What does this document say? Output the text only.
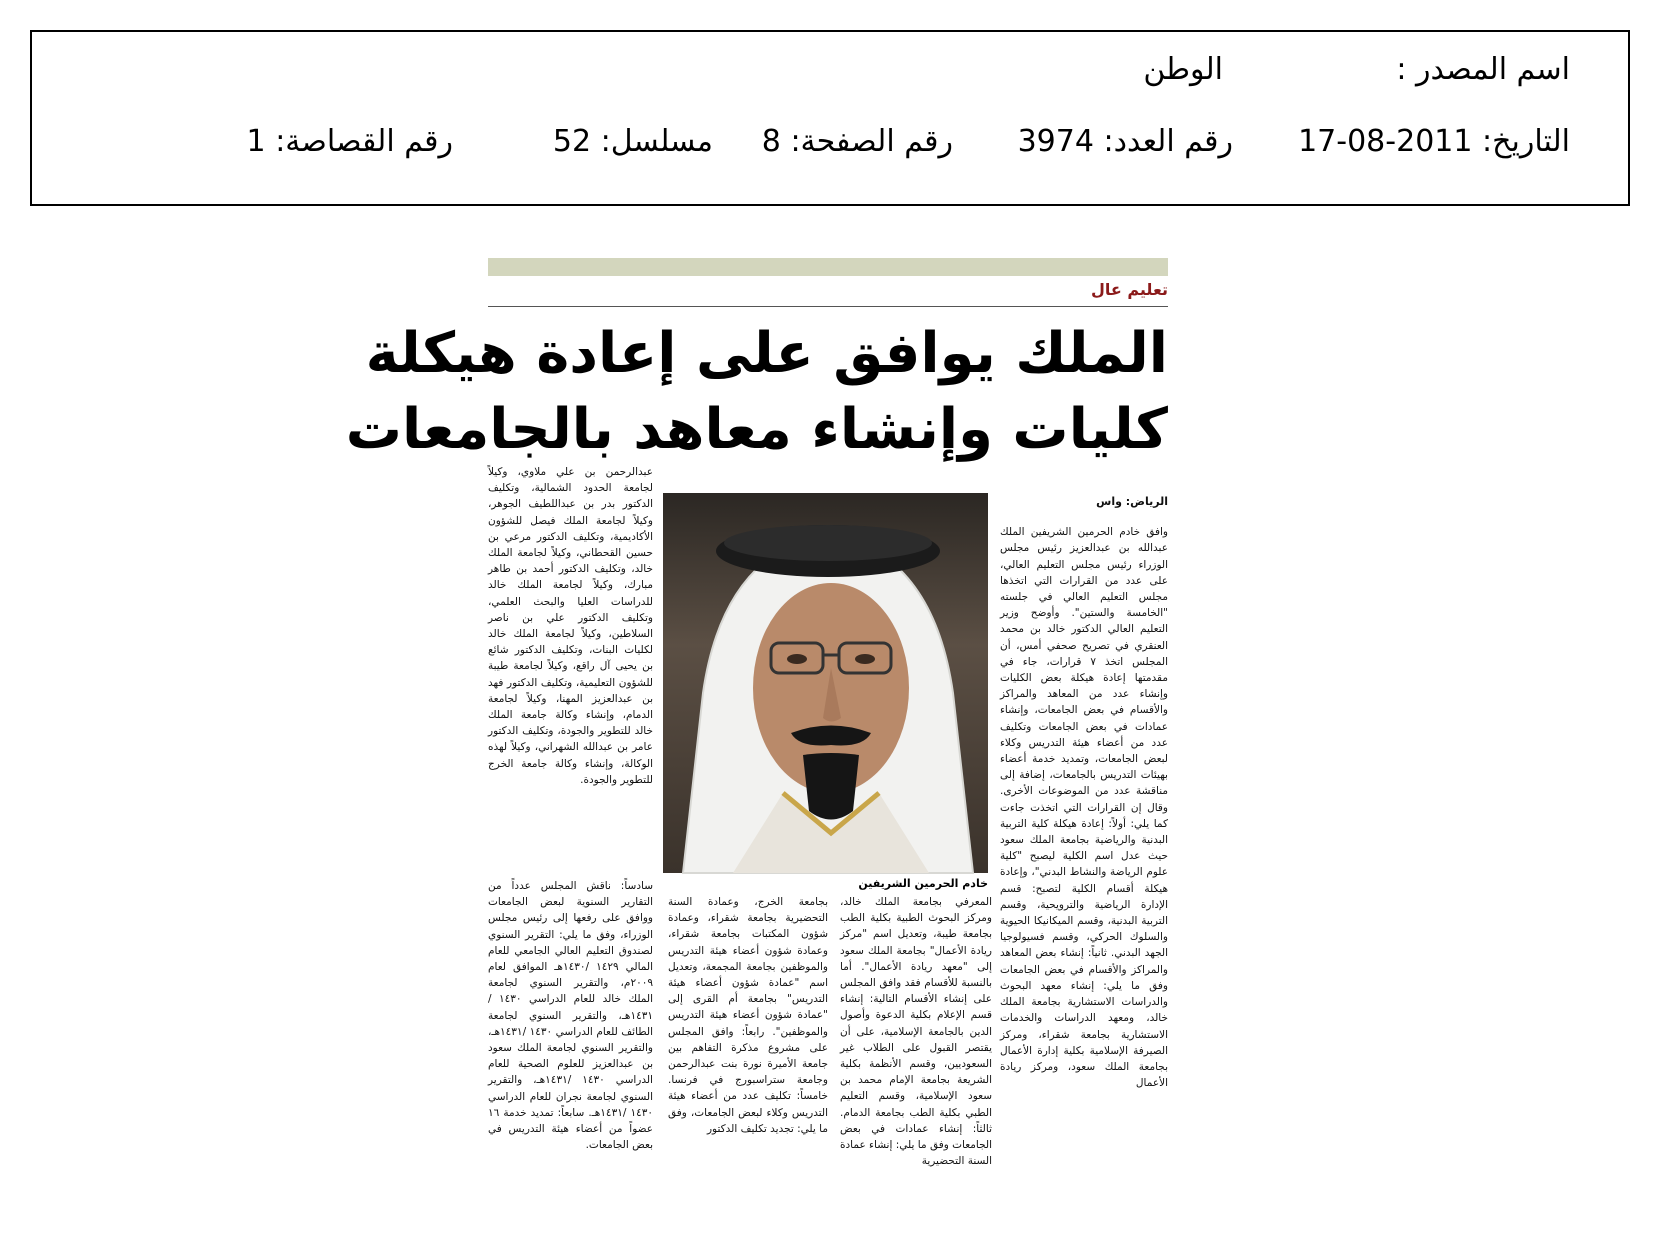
اسم المصدر :
الوطن
التاريخ: 2011-08-17
رقم العدد: 3974
رقم الصفحة: 8
مسلسل: 52
رقم القصاصة: 1
تعليم عال
الملك يوافق على إعادة هيكلة
كليات وإنشاء معاهد بالجامعات

الرياض: واس

وافق خادم الحرمين الشريفين الملك عبدالله بن عبدالعزيز رئيس مجلس الوزراء رئيس مجلس التعليم العالي، على عدد من القرارات التي اتخذها مجلس التعليم العالي في جلسته "الخامسة والستين". وأوضح وزير التعليم العالي الدكتور خالد بن محمد العنقري في تصريح صحفي أمس، أن المجلس اتخذ ٧ قرارات، جاء في مقدمتها إعادة هيكلة بعض الكليات وإنشاء عدد من المعاهد والمراكز والأقسام في بعض الجامعات، وإنشاء عمادات في بعض الجامعات وتكليف عدد من أعضاء هيئة التدريس وكلاء لبعض الجامعات، وتمديد خدمة أعضاء بهيئات التدريس بالجامعات، إضافة إلى مناقشة عدد من الموضوعات الأخرى. وقال إن القرارات التي اتخذت جاءت كما يلي: أولاً: إعادة هيكلة كلية التربية البدنية والرياضية بجامعة الملك سعود حيث عدل اسم الكلية ليصبح "كلية علوم الرياضة والنشاط البدني"، وإعادة هيكلة أقسام الكلية لتصبح: قسم الإدارة الرياضية والترويحية، وقسم التربية البدنية، وقسم الميكانيكا الحيوية والسلوك الحركي، وقسم فسيولوجيا الجهد البدني. ثانياً: إنشاء بعض المعاهد والمراكز والأقسام في بعض الجامعات وفق ما يلي: إنشاء معهد البحوث والدراسات الاستشارية بجامعة الملك خالد، ومعهد الدراسات والخدمات الاستشارية بجامعة شقراء، ومركز الصيرفة الإسلامية بكلية إدارة الأعمال بجامعة الملك سعود، ومركز ريادة الأعمال

خادم الحرمين الشريفين

عبدالرحمن بن علي ملاوي، وكيلاً لجامعة الحدود الشمالية، وتكليف الدكتور بدر بن عبداللطيف الجوهر، وكيلاً لجامعة الملك فيصل للشؤون الأكاديمية، وتكليف الدكتور مرعي بن حسين القحطاني، وكيلاً لجامعة الملك خالد، وتكليف الدكتور أحمد بن طاهر مبارك، وكيلاً لجامعة الملك خالد للدراسات العليا والبحث العلمي، وتكليف الدكتور علي بن ناصر السلاطين، وكيلاً لجامعة الملك خالد لكليات البنات، وتكليف الدكتور شائع بن يحيى آل راقع، وكيلاً لجامعة طيبة للشؤون التعليمية، وتكليف الدكتور فهد بن عبدالعزيز المهنا، وكيلاً لجامعة الدمام، وإنشاء وكالة جامعة الملك خالد للتطوير والجودة، وتكليف الدكتور عامر بن عبدالله الشهراني، وكيلاً لهذه الوكالة، وإنشاء وكالة جامعة الخرج للتطوير والجودة.

المعرفي بجامعة الملك خالد، ومركز البحوث الطبية بكلية الطب بجامعة طيبة، وتعديل اسم "مركز ريادة الأعمال" بجامعة الملك سعود إلى "معهد ريادة الأعمال". أما بالنسبة للأقسام فقد وافق المجلس على إنشاء الأقسام التالية: إنشاء قسم الإعلام بكلية الدعوة وأصول الدين بالجامعة الإسلامية، على أن يقتصر القبول على الطلاب غير السعوديين، وقسم الأنظمة بكلية الشريعة بجامعة الإمام محمد بن سعود الإسلامية، وقسم التعليم الطبي بكلية الطب بجامعة الدمام. ثالثاً: إنشاء عمادات في بعض الجامعات وفق ما يلي: إنشاء عمادة السنة التحضيرية

بجامعة الخرج، وعمادة السنة التحضيرية بجامعة شقراء، وعمادة شؤون المكتبات بجامعة شقراء، وعمادة شؤون أعضاء هيئة التدريس والموظفين بجامعة المجمعة، وتعديل اسم "عمادة شؤون أعضاء هيئة التدريس" بجامعة أم القرى إلى "عمادة شؤون أعضاء هيئة التدريس والموظفين". رابعاً: وافق المجلس على مشروع مذكرة التفاهم بين جامعة الأميرة نورة بنت عبدالرحمن وجامعة ستراسبورج في فرنسا. خامساً: تكليف عدد من أعضاء هيئة التدريس وكلاء لبعض الجامعات، وفق ما يلي: تجديد تكليف الدكتور

سادساً: ناقش المجلس عدداً من التقارير السنوية لبعض الجامعات ووافق على رفعها إلى رئيس مجلس الوزراء، وفق ما يلي: التقرير السنوي لصندوق التعليم العالي الجامعي للعام المالي ١٤٢٩ /١٤٣٠هـ الموافق لعام ٢٠٠٩م، والتقرير السنوي لجامعة الملك خالد للعام الدراسي ١٤٣٠ /١٤٣١هـ، والتقرير السنوي لجامعة الطائف للعام الدراسي ١٤٣٠ /١٤٣١هـ، والتقرير السنوي لجامعة الملك سعود بن عبدالعزيز للعلوم الصحية للعام الدراسي ١٤٣٠ /١٤٣١هـ، والتقرير السنوي لجامعة نجران للعام الدراسي ١٤٣٠ /١٤٣١هـ. سابعاً: تمديد خدمة ١٦ عضواً من أعضاء هيئة التدريس في بعض الجامعات.
